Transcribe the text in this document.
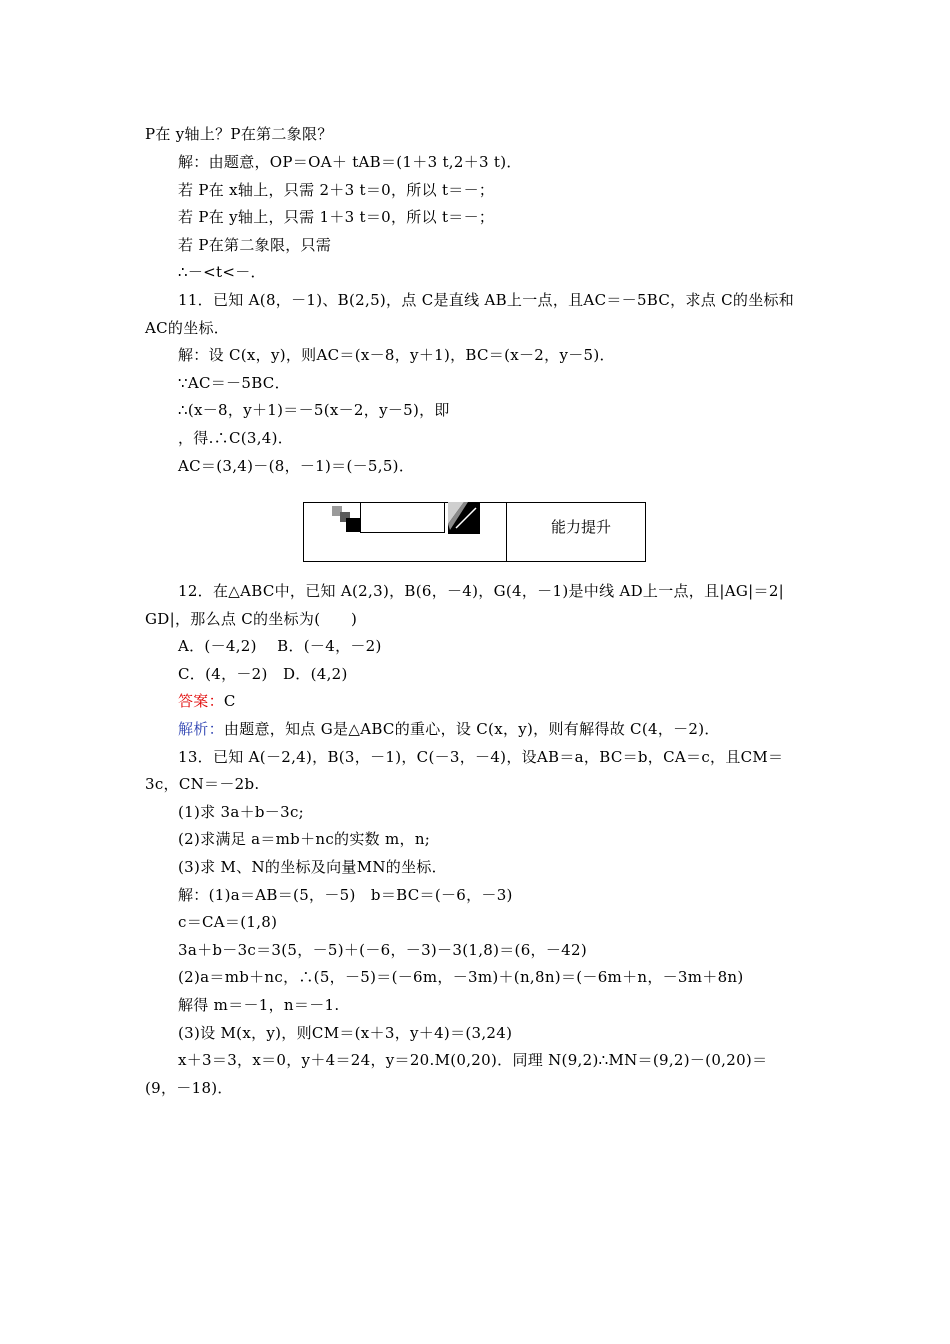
P在 y轴上？P在第二象限？
解：由题意，OP＝OA＋ tAB＝(1＋3 t,2＋3 t)．
若 P在 x轴上，只需 2＋3 t＝0，所以 t＝－；
若 P在 y轴上，只需 1＋3 t＝0，所以 t＝－；
若 P在第二象限，只需
∴－<t<－．
11．已知 A(8，－1)、B(2,5)，点 C是直线 AB上一点，且AC＝－5BC，求点 C的坐标和
AC的坐标．
解：设 C(x，y)，则AC＝(x－8，y＋1)，BC＝(x－2，y－5)．
∵AC＝－5BC．
∴(x－8，y＋1)＝－5(x－2，y－5)，即
，得.∴C(3,4)．
AC＝(3,4)－(8，－1)＝(－5,5)．
能力提升
12．在△ABC中，已知 A(2,3)，B(6，－4)，G(4，－1)是中线 AD上一点，且|AG|＝2|
GD|，那么点 C的坐标为(　　)
A．(－4,2)　 B．(－4，－2)
C．(4，－2)　D．(4,2)
答案：C
解析：由题意，知点 G是△ABC的重心，设 C(x，y)，则有解得故 C(4，－2)．
13．已知 A(－2,4)，B(3，－1)，C(－3，－4)，设AB＝a，BC＝b，CA＝c，且CM＝
3c，CN＝－2b.
(1)求 3a＋b－3c;
(2)求满足 a＝mb＋nc的实数 m，n;
(3)求 M、N的坐标及向量MN的坐标．
解：(1)a＝AB＝(5，－5)　b＝BC＝(－6，－3)
c＝CA＝(1,8)
3a＋b－3c＝3(5，－5)＋(－6，－3)－3(1,8)＝(6，－42)
(2)a＝mb＋nc，∴(5，－5)＝(－6m，－3m)＋(n,8n)＝(－6m＋n，－3m＋8n)
解得 m＝－1，n＝－1.
(3)设 M(x，y)，则CM＝(x＋3，y＋4)＝(3,24)
x＋3＝3，x＝0，y＋4＝24，y＝20.M(0,20)．同理 N(9,2)∴MN＝(9,2)－(0,20)＝
(9，－18)．
